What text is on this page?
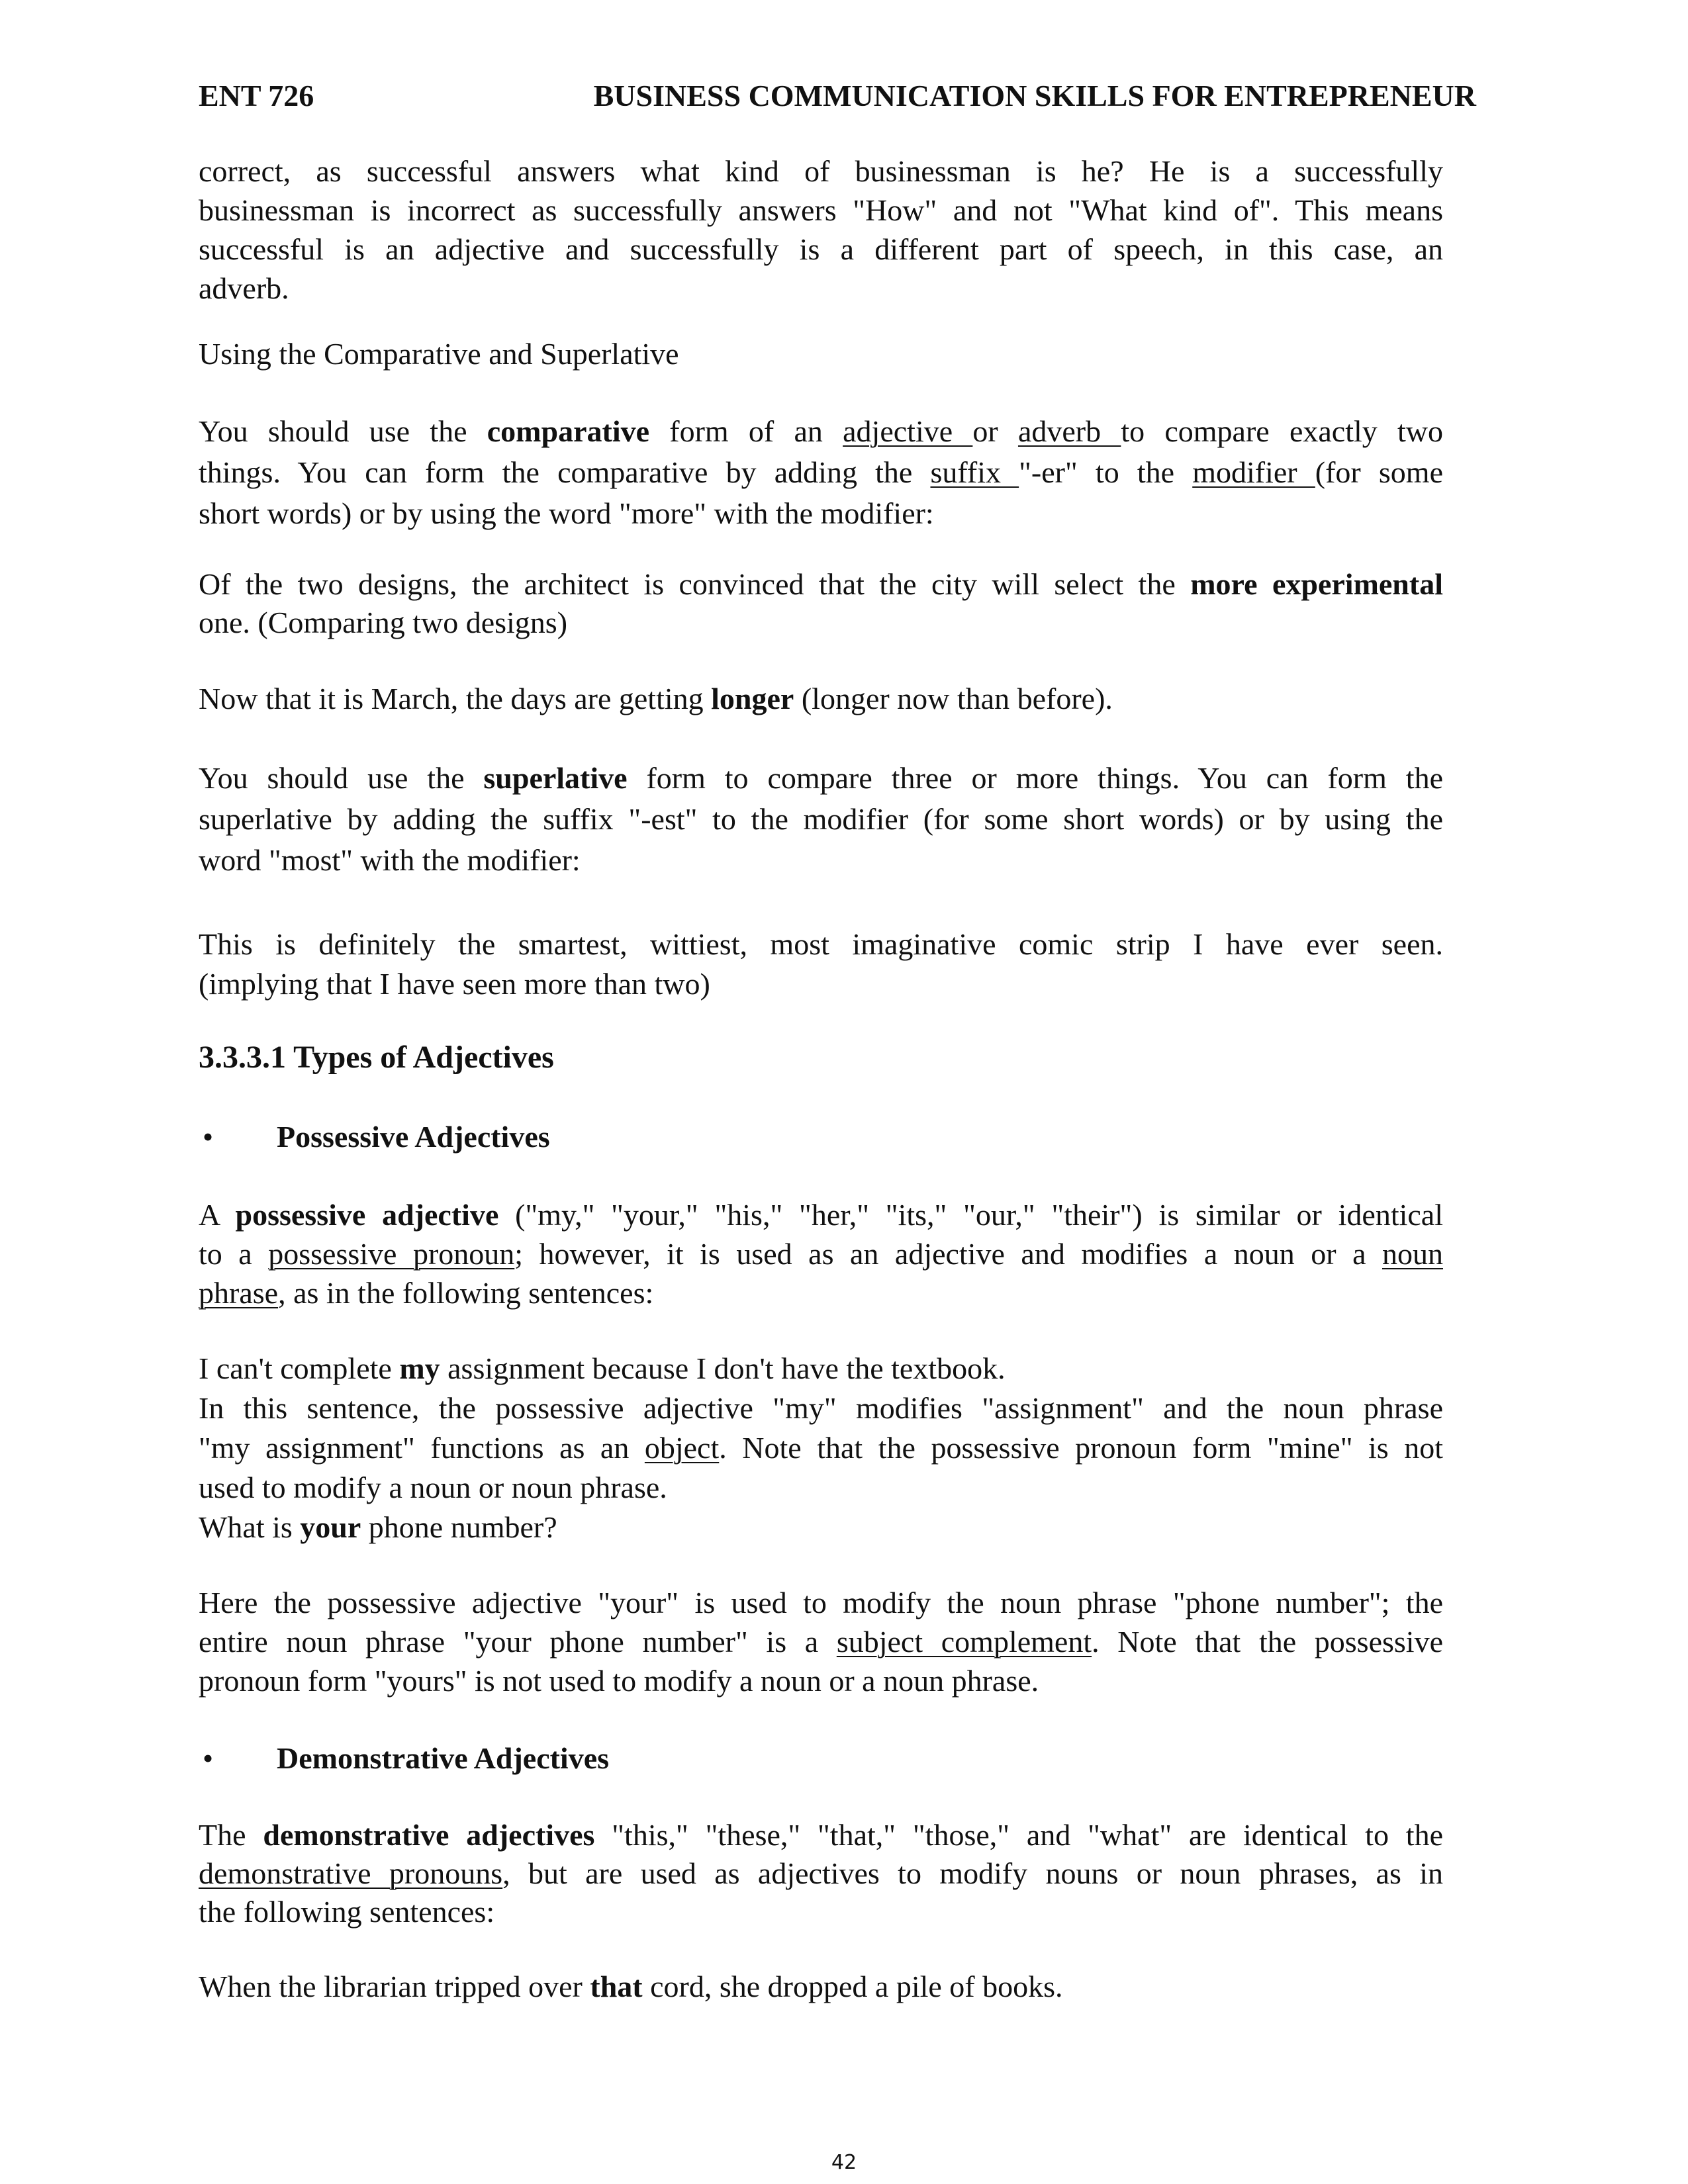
ENT 726	BUSINESS COMMUNICATION SKILLS FOR ENTREPRENEUR
correct, as successful answers what kind of businessman is he? He is a successfully
businessman is incorrect as successfully answers "How" and not "What kind of". This means
successful is an adjective and successfully is a different part of speech, in this case, an
adverb.
Using the Comparative and Superlative
You should use the comparative form of an adjective or adverb to compare exactly two
things. You can form the comparative by adding the suffix "-er" to the modifier (for some
short words) or by using the word "more" with the modifier:
Of the two designs, the architect is convinced that the city will select the more experimental
one. (Comparing two designs)
Now that it is March, the days are getting longer (longer now than before).
You should use the superlative form to compare three or more things. You can form the
superlative by adding the suffix "-est" to the modifier (for some short words) or by using the
word "most" with the modifier:
This is definitely the smartest, wittiest, most imaginative comic strip I have ever seen.
(implying that I have seen more than two)
3.3.3.1 Types of Adjectives
• Possessive Adjectives
A possessive adjective ("my," "your," "his," "her," "its," "our," "their") is similar or identical
to a possessive pronoun; however, it is used as an adjective and modifies a noun or a noun
phrase, as in the following sentences:
I can't complete my assignment because I don't have the textbook.
In this sentence, the possessive adjective "my" modifies "assignment" and the noun phrase
"my assignment" functions as an object. Note that the possessive pronoun form "mine" is not
used to modify a noun or noun phrase.
What is your phone number?
Here the possessive adjective "your" is used to modify the noun phrase "phone number"; the
entire noun phrase "your phone number" is a subject complement. Note that the possessive
pronoun form "yours" is not used to modify a noun or a noun phrase.
• Demonstrative Adjectives
The demonstrative adjectives "this," "these," "that," "those," and "what" are identical to the
demonstrative pronouns, but are used as adjectives to modify nouns or noun phrases, as in
the following sentences:
When the librarian tripped over that cord, she dropped a pile of books.
42
